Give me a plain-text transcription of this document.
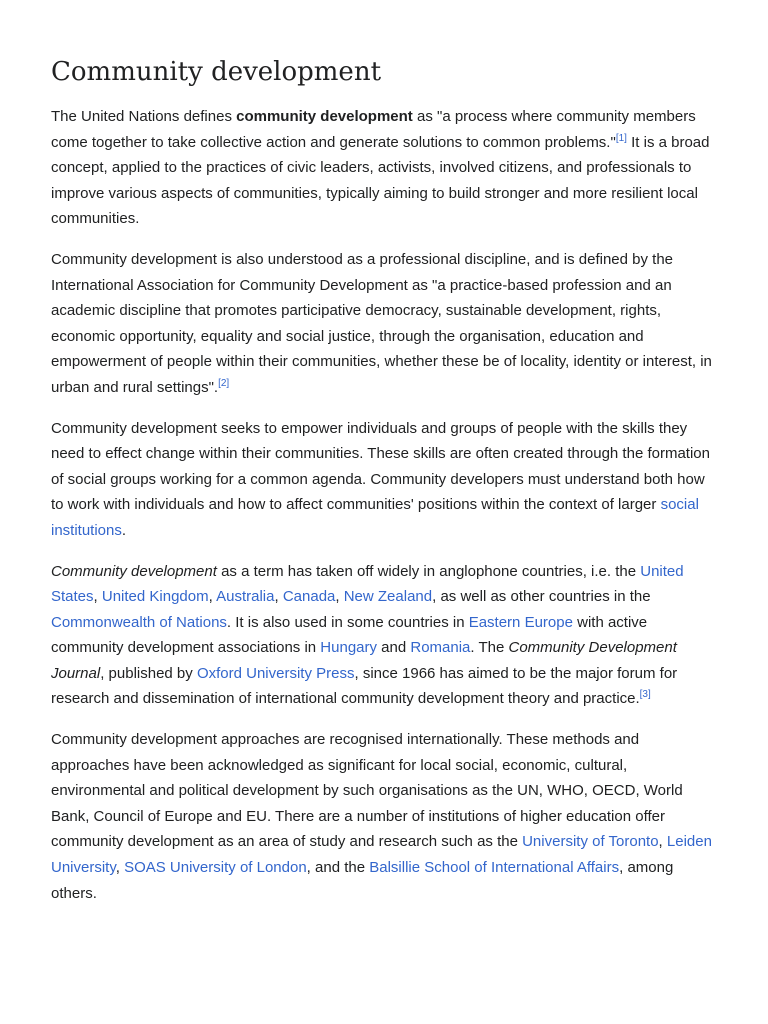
Community development

The United Nations defines community development as "a process where community members come together to take collective action and generate solutions to common problems."[1] It is a broad concept, applied to the practices of civic leaders, activists, involved citizens, and professionals to improve various aspects of communities, typically aiming to build stronger and more resilient local communities.

Community development is also understood as a professional discipline, and is defined by the International Association for Community Development as "a practice-based profession and an academic discipline that promotes participative democracy, sustainable development, rights, economic opportunity, equality and social justice, through the organisation, education and empowerment of people within their communities, whether these be of locality, identity or interest, in urban and rural settings".[2]

Community development seeks to empower individuals and groups of people with the skills they need to effect change within their communities. These skills are often created through the formation of social groups working for a common agenda. Community developers must understand both how to work with individuals and how to affect communities' positions within the context of larger social institutions.

Community development as a term has taken off widely in anglophone countries, i.e. the United States, United Kingdom, Australia, Canada, New Zealand, as well as other countries in the Commonwealth of Nations. It is also used in some countries in Eastern Europe with active community development associations in Hungary and Romania. The Community Development Journal, published by Oxford University Press, since 1966 has aimed to be the major forum for research and dissemination of international community development theory and practice.[3]

Community development approaches are recognised internationally. These methods and approaches have been acknowledged as significant for local social, economic, cultural, environmental and political development by such organisations as the UN, WHO, OECD, World Bank, Council of Europe and EU. There are a number of institutions of higher education offer community development as an area of study and research such as the University of Toronto, Leiden University, SOAS University of London, and the Balsillie School of International Affairs, among others.
